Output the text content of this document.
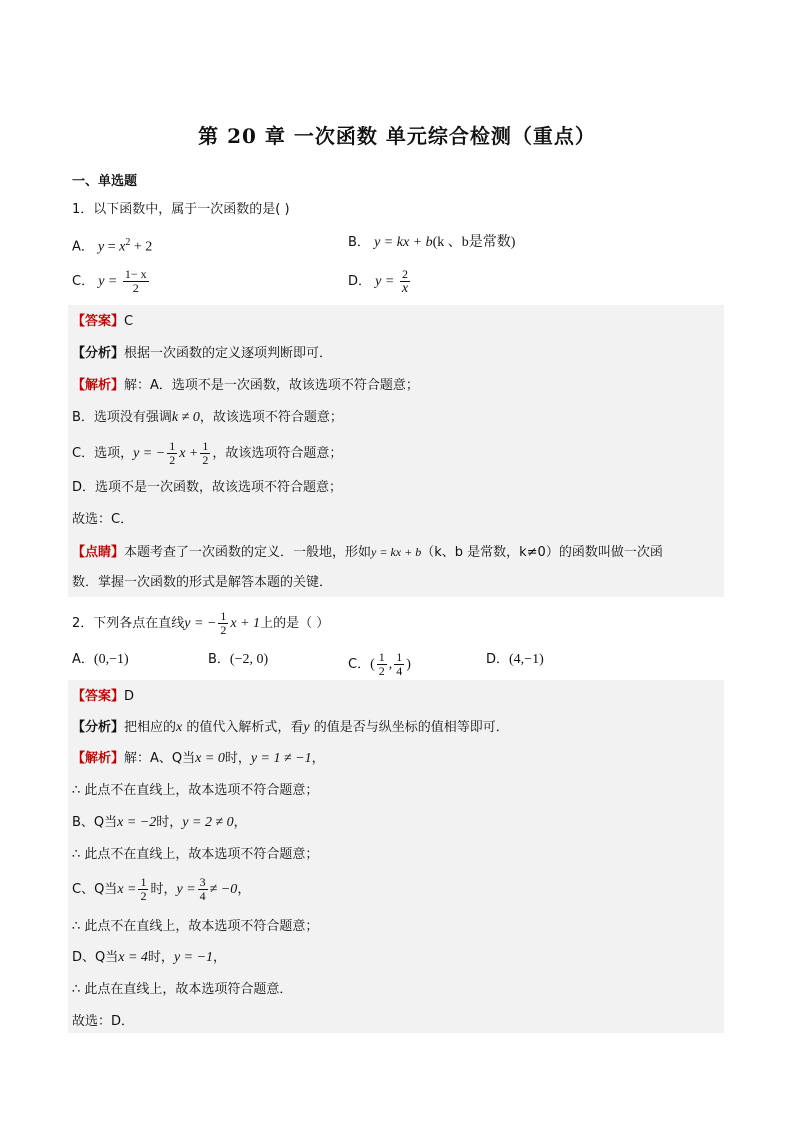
第 20 章 一次函数 单元综合检测（重点）
一、单选题
1．以下函数中，属于一次函数的是( )
A． $y = x^2 + 2$	B． y = kx + b(k 、b是常数)
C． $y = \frac{1- x}{2}$	D． $y = \frac{2}{x}$
【答案】C
【分析】根据一次函数的定义逐项判断即可．
【解析】解：A．选项不是一次函数，故该选项不符合题意；
B．选项没有强调k ≠ 0，故该选项不符合题意；
C．选项，y = − $\frac{1}{2}$ $x + \frac{1}{2}$ ，故该选项符合题意；
D．选项不是一次函数，故该选项不符合题意；
故选：C．
【点睛】本题考查了一次函数的定义．一般地，形如y = kx + b（k、b 是常数，k≠0）的函数叫做一次函
数．掌握一次函数的形式是解答本题的关键．
2．下列各点在直线y = − $\frac{1}{2}$ x + 1上的是（ ）
A．(0,−1)	B．(−2, 0)	C．( $\frac{1}{2}$ , $\frac{1}{4}$ )	D．(4,−1)
【答案】D
【分析】把相应的x 的值代入解析式，看y 的值是否与纵坐标的值相等即可．
【解析】解：A、Q当x = 0时，y = 1 ≠ −1，
∴ 此点不在直线上，故本选项不符合题意；
B、Q当x = −2时，y = 2 ≠ 0，
∴ 此点不在直线上，故本选项不符合题意；
C、Q当$x = \frac{1}{2}$ 时，$y = \frac{3}{4} \ne -0$，
∴ 此点不在直线上，故本选项不符合题意；
D、Q当x = 4时，y = −1，
∴ 此点在直线上，故本选项符合题意．
故选：D．
